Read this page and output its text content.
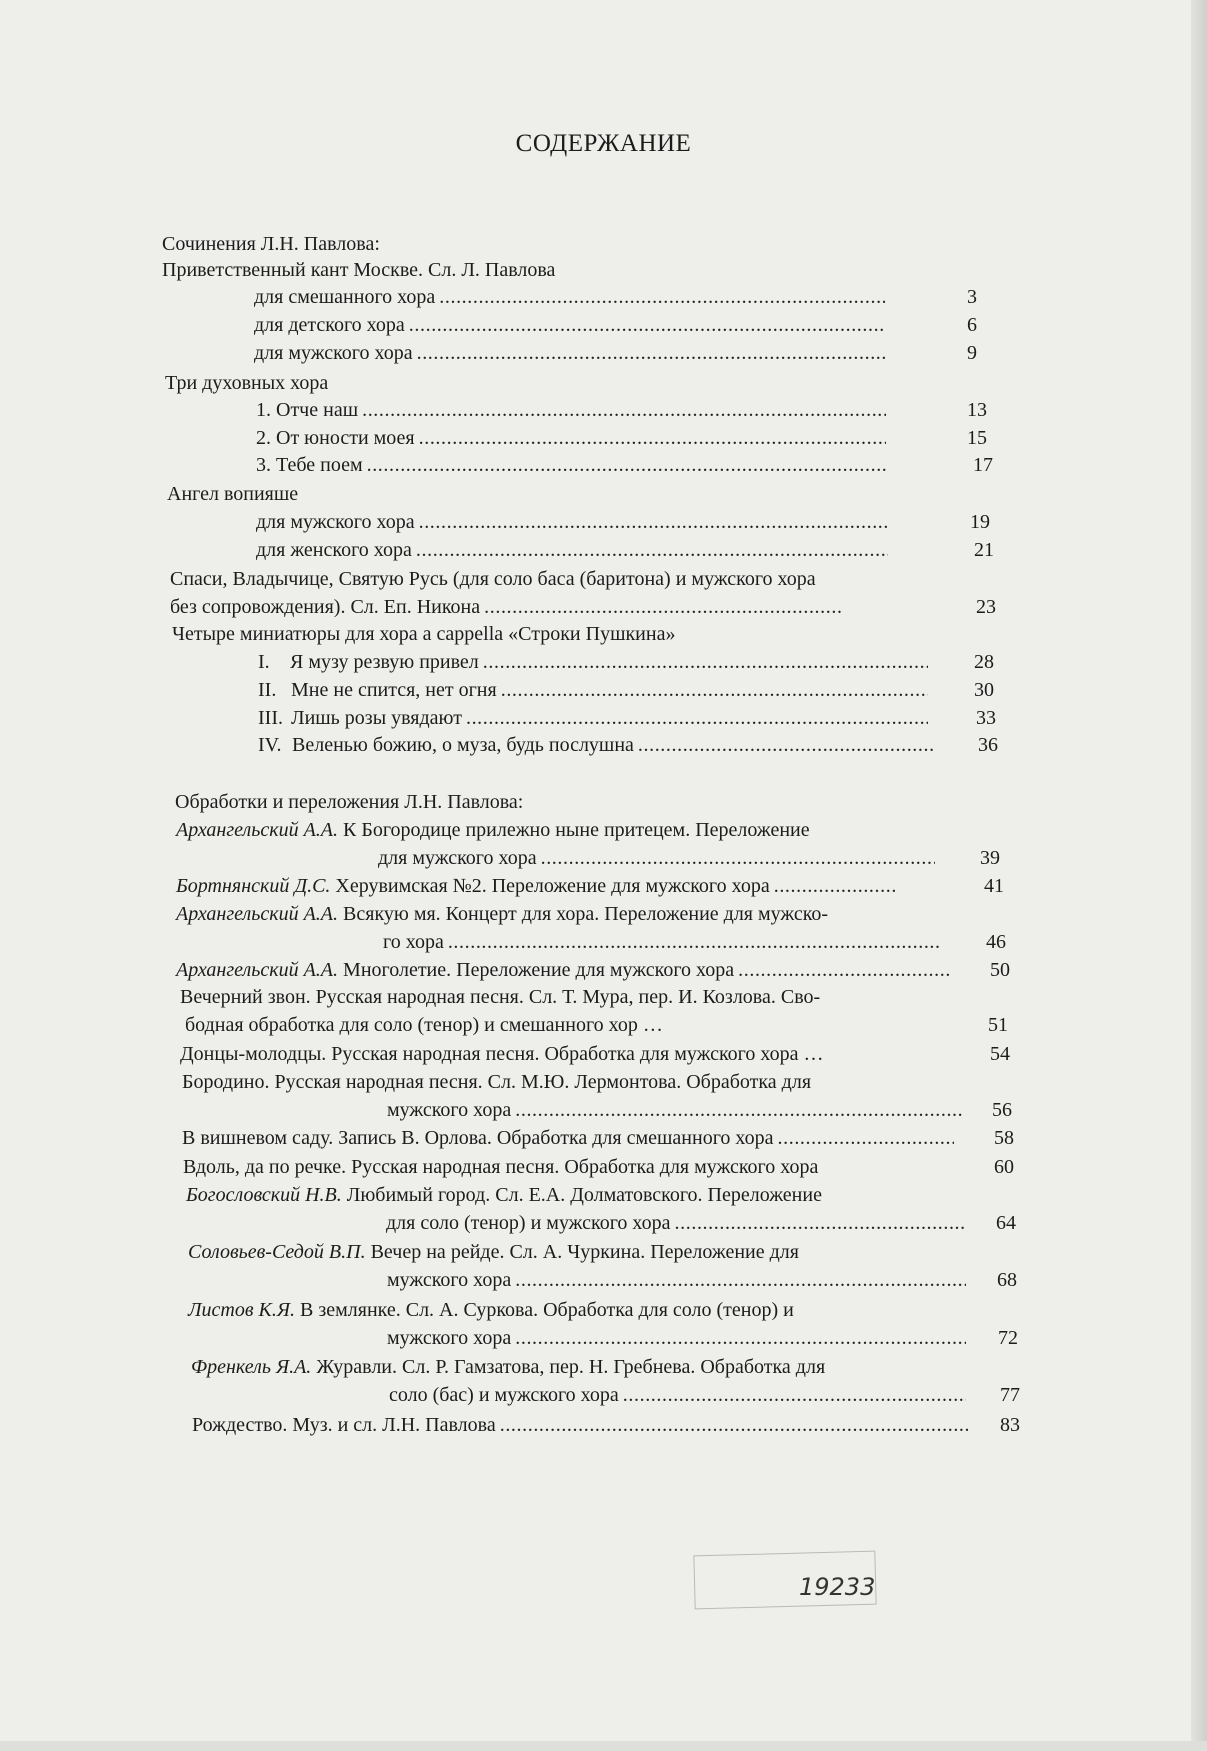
СОДЕРЖАНИЕ
Сочинения Л.Н. Павлова:
Обработки и переложения Л.Н. Павлова:
Приветственный кант Москве. Сл. Л. Павлова
для смешанного хора .....	3
для детского хора .....	6
для мужского хора .....	9
Три духовных хора
1. Отче наш .....	13
2. От юности моея .....	15
3. Тебе поем .....	17
Ангел вопияше
для мужского хора .....	19
для женского хора .....	21
Спаси, Владычице, Святую Русь (для соло баса (баритона) и мужского хора
без сопровождения). Сл. Еп. Никона .....	23
Четыре миниатюры для хора a cappella «Строки Пушкина»
I. Я музу резвую привел .....	28
II. Мне не спится, нет огня .....	30
III. Лишь розы увядают .....	33
IV. Веленью божию, о муза, будь послушна .....	36
Архангельский А.А. К Богородице прилежно ныне притецем. Переложение
для мужского хора .....	39
Бортнянский Д.С. Херувимская №2. Переложение для мужского хора .....	41
Архангельский А.А. Всякую мя. Концерт для хора. Переложение для мужско-
го хора .....	46
Архангельский А.А. Многолетие. Переложение для мужского хора .....	50
Вечерний звон. Русская народная песня. Сл. Т. Мура, пер. И. Козлова. Сво-
бодная обработка для соло (тенор) и смешанного хор …	51
Донцы-молодцы. Русская народная песня. Обработка для мужского хора …	54
Бородино. Русская народная песня. Сл. М.Ю. Лермонтова. Обработка для
мужского хора .....	56
В вишневом саду. Запись В. Орлова. Обработка для смешанного хора .....	58
Вдоль, да по речке. Русская народная песня. Обработка для мужского хора	60
Богословский Н.В. Любимый город. Сл. Е.А. Долматовского. Переложение
для соло (тенор) и мужского хора .....	64
Соловьев-Седой В.П. Вечер на рейде. Сл. А. Чуркина. Переложение для
мужского хора .....	68
Листов К.Я. В землянке. Сл. А. Суркова. Обработка для соло (тенор) и
мужского хора .....	72
Френкель Я.А. Журавли. Сл. Р. Гамзатова, пер. Н. Гребнева. Обработка для
соло (бас) и мужского хора .....	77
Рождество. Муз. и сл. Л.Н. Павлова .....	83
19233
